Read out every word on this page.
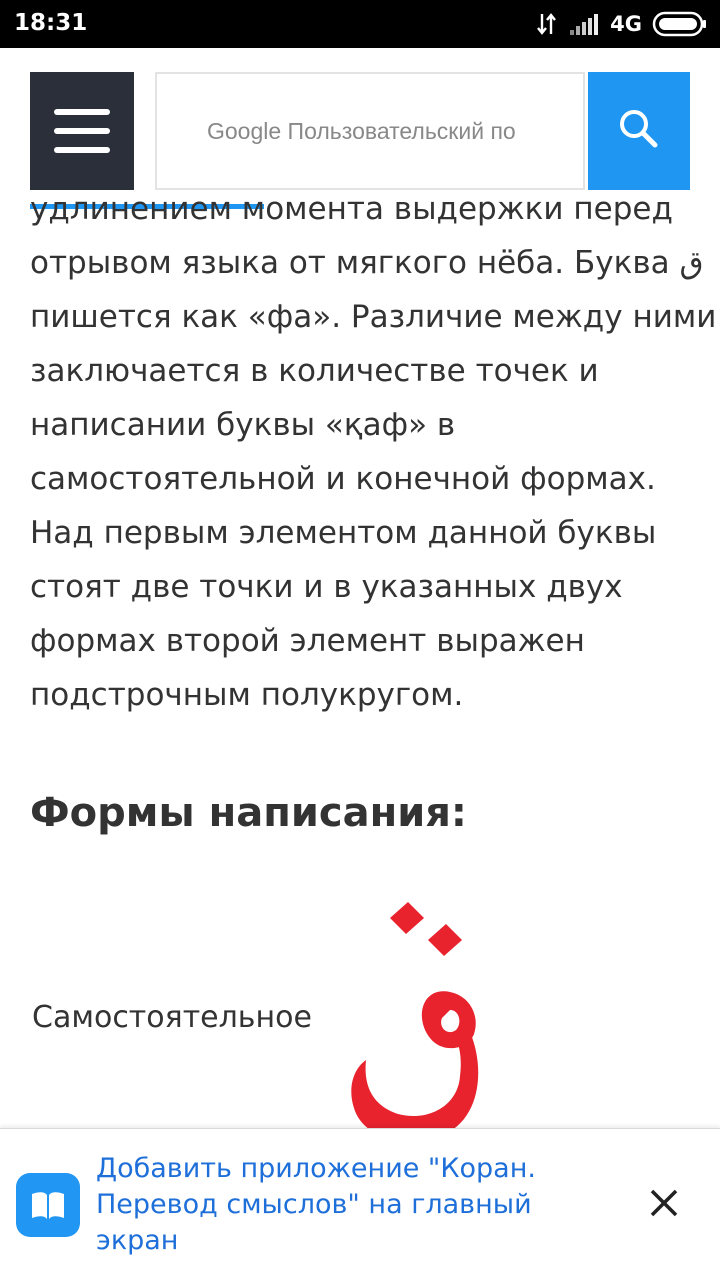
18:31	4G
Google Пользовательский по

удлинением момента выдержки перед
отрывом языка от мягкого нёба. Буква ق
пишется как «фа». Различие между ними
заключается в количестве точек и
написании буквы «қаф» в
самостоятельной и конечной формах.
Над первым элементом данной буквы
стоят две точки и в указанных двух
формах второй элемент выражен
подстрочным полукругом.

Формы написания:
Самостоятельное
Добавить приложение "Коран.
Перевод смыслов" на главный
экран
